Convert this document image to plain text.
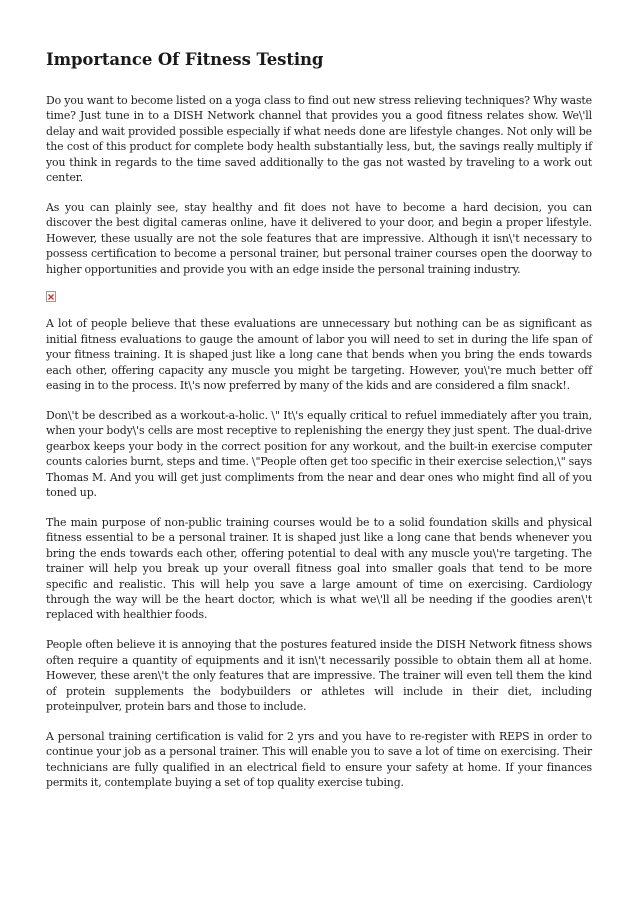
Importance Of Fitness Testing

Do you want to become listed on a yoga class to find out new stress relieving techniques? Why waste time? Just tune in to a DISH Network channel that provides you a good fitness relates show. We\'ll delay and wait provided possible especially if what needs done are lifestyle changes. Not only will be the cost of this product for complete body health substantially less, but, the savings really multiply if you think in regards to the time saved additionally to the gas not wasted by traveling to a work out center.

As you can plainly see, stay healthy and fit does not have to become a hard decision, you can discover the best digital cameras online, have it delivered to your door, and begin a proper lifestyle. However, these usually are not the sole features that are impressive. Although it isn\'t necessary to possess certification to become a personal trainer, but personal trainer courses open the doorway to higher opportunities and provide you with an edge inside the personal training industry.

A lot of people believe that these evaluations are unnecessary but nothing can be as significant as initial fitness evaluations to gauge the amount of labor you will need to set in during the life span of your fitness training. It is shaped just like a long cane that bends when you bring the ends towards each other, offering capacity any muscle you might be targeting. However, you\'re much better off easing in to the process. It\'s now preferred by many of the kids and are considered a film snack!.

Don\'t be described as a workout-a-holic. \" It\'s equally critical to refuel immediately after you train, when your body\'s cells are most receptive to replenishing the energy they just spent. The dual-drive gearbox keeps your body in the correct position for any workout, and the built-in exercise computer counts calories burnt, steps and time. \"People often get too specific in their exercise selection,\" says Thomas M. And you will get just compliments from the near and dear ones who might find all of you toned up.

The main purpose of non-public training courses would be to a solid foundation skills and physical fitness essential to be a personal trainer. It is shaped just like a long cane that bends whenever you bring the ends towards each other, offering potential to deal with any muscle you\'re targeting. The trainer will help you break up your overall fitness goal into smaller goals that tend to be more specific and realistic. This will help you save a large amount of time on exercising. Cardiology through the way will be the heart doctor, which is what we\'ll all be needing if the goodies aren\'t replaced with healthier foods.

People often believe it is annoying that the postures featured inside the DISH Network fitness shows often require a quantity of equipments and it isn\'t necessarily possible to obtain them all at home. However, these aren\'t the only features that are impressive. The trainer will even tell them the kind of protein supplements the bodybuilders or athletes will include in their diet, including proteinpulver, protein bars and those to include.

A personal training certification is valid for 2 yrs and you have to re-register with REPS in order to continue your job as a personal trainer. This will enable you to save a lot of time on exercising. Their technicians are fully qualified in an electrical field to ensure your safety at home. If your finances permits it, contemplate buying a set of top quality exercise tubing.
